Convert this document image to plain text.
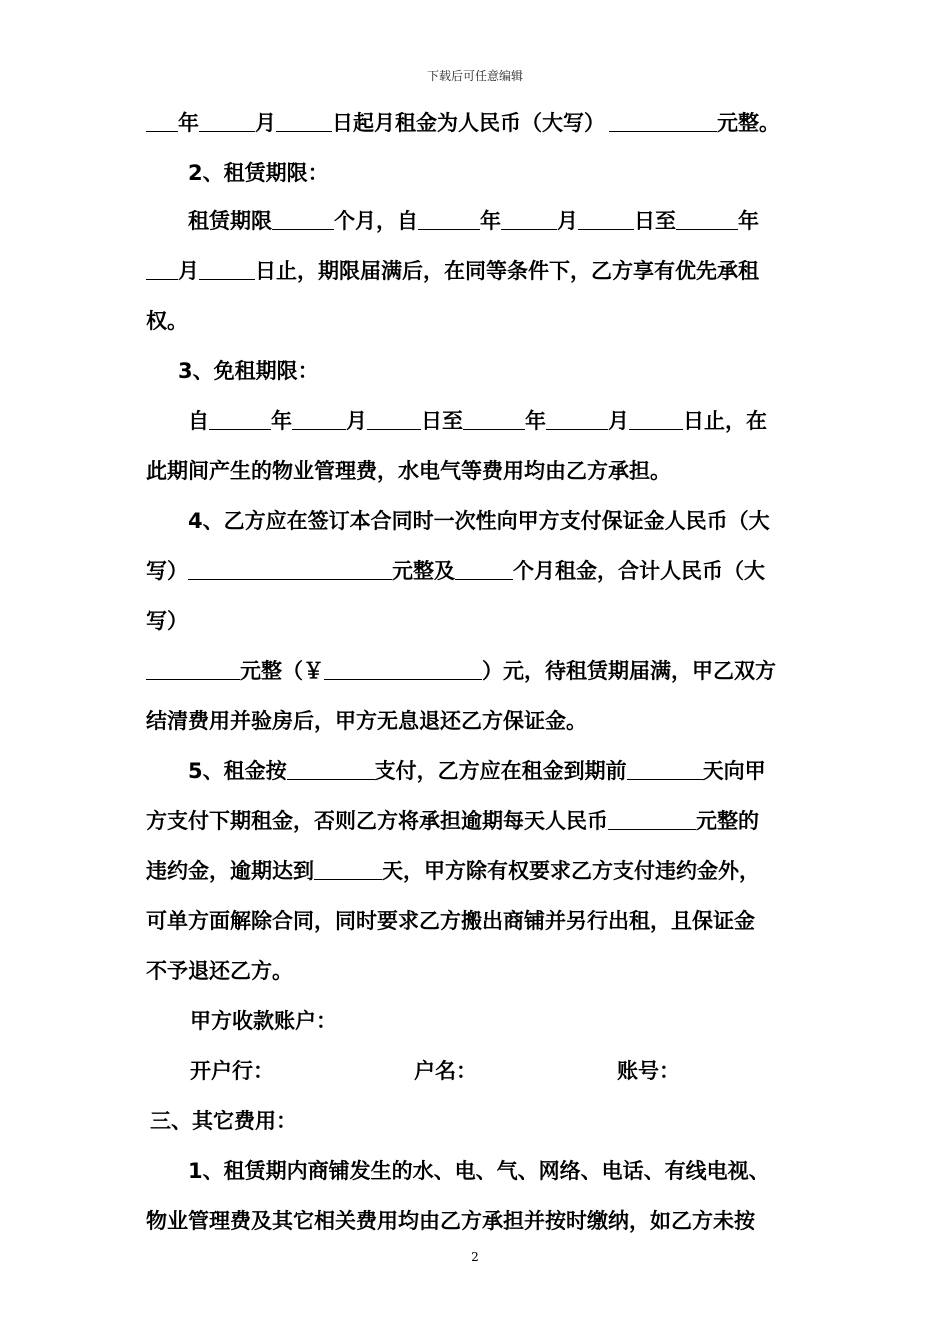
下载后可任意编辑
年	月	日起月租金为人民币（大写）	元整。
2、租赁期限：
租赁期限	个月，自	年	月	日至	年
月	日止，期限届满后，在同等条件下，乙方享有优先承租
权。
3、免租期限：
自	年	月	日至	年	月	日止，在
此期间产生的物业管理费，水电气等费用均由乙方承担。
4、乙方应在签订本合同时一次性向甲方支付保证金人民币（大
写）	元整及	个月租金，合计人民币（大
写）
元整（￥	）元，待租赁期届满，甲乙双方
结清费用并验房后，甲方无息退还乙方保证金。
5、租金按	支付，乙方应在租金到期前	天向甲
方支付下期租金，否则乙方将承担逾期每天人民币	元整的
违约金，逾期达到	天，甲方除有权要求乙方支付违约金外，
可单方面解除合同，同时要求乙方搬出商铺并另行出租，且保证金
不予退还乙方。
甲方收款账户：
开户行：	户名：	账号：
三、其它费用：
1、租赁期内商铺发生的水、电、气、网络、电话、有线电视、
物业管理费及其它相关费用均由乙方承担并按时缴纳，如乙方未按
2
